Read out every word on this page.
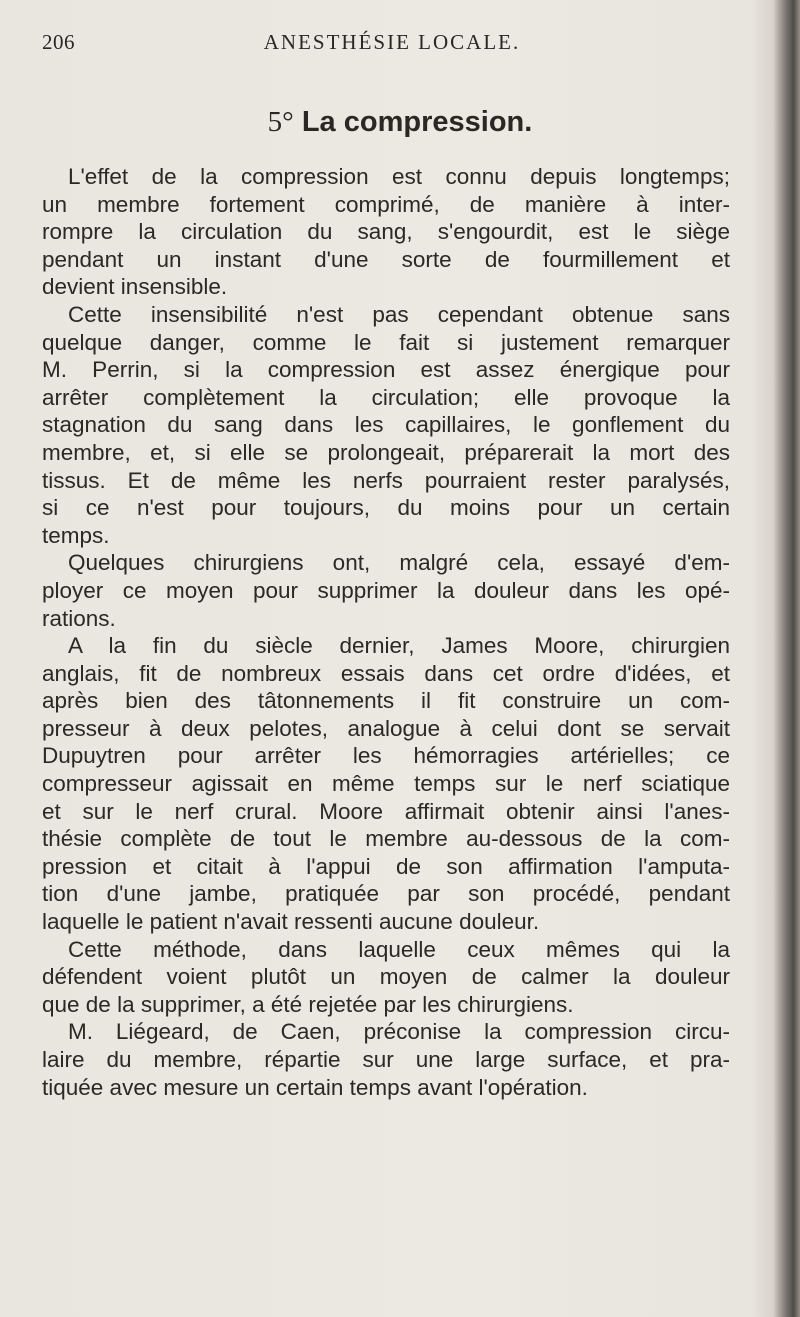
206	ANESTHÉSIE LOCALE.
5° La compression.
L'effet de la compression est connu depuis longtemps;
un membre fortement comprimé, de manière à inter-
rompre la circulation du sang, s'engourdit, est le siège
pendant un instant d'une sorte de fourmillement et
devient insensible.
Cette insensibilité n'est pas cependant obtenue sans
quelque danger, comme le fait si justement remarquer
M. Perrin, si la compression est assez énergique pour
arrêter complètement la circulation; elle provoque la
stagnation du sang dans les capillaires, le gonflement du
membre, et, si elle se prolongeait, préparerait la mort des
tissus. Et de même les nerfs pourraient rester paralysés,
si ce n'est pour toujours, du moins pour un certain
temps.
Quelques chirurgiens ont, malgré cela, essayé d'em-
ployer ce moyen pour supprimer la douleur dans les opé-
rations.
A la fin du siècle dernier, James Moore, chirurgien
anglais, fit de nombreux essais dans cet ordre d'idées, et
après bien des tâtonnements il fit construire un com-
presseur à deux pelotes, analogue à celui dont se servait
Dupuytren pour arrêter les hémorragies artérielles; ce
compresseur agissait en même temps sur le nerf sciatique
et sur le nerf crural. Moore affirmait obtenir ainsi l'anes-
thésie complète de tout le membre au-dessous de la com-
pression et citait à l'appui de son affirmation l'amputa-
tion d'une jambe, pratiquée par son procédé, pendant
laquelle le patient n'avait ressenti aucune douleur.
Cette méthode, dans laquelle ceux mêmes qui la
défendent voient plutôt un moyen de calmer la douleur
que de la supprimer, a été rejetée par les chirurgiens.
M. Liégeard, de Caen, préconise la compression circu-
laire du membre, répartie sur une large surface, et pra-
tiquée avec mesure un certain temps avant l'opération.
